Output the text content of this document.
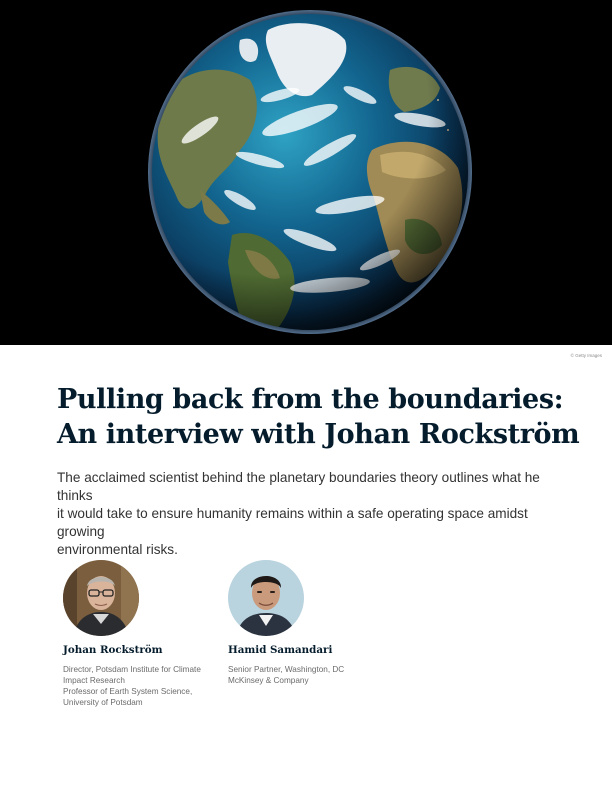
© Getty Images
Pulling back from the boundaries:
An interview with Johan Rockström

The acclaimed scientist behind the planetary boundaries theory outlines what he thinks
it would take to ensure humanity remains within a safe operating space amidst growing
environmental risks.

Johan Rockström
Director, Potsdam Institute for Climate
Impact Research
Professor of Earth System Science,
University of Potsdam
Hamid Samandari
Senior Partner, Washington, DC
McKinsey & Company
